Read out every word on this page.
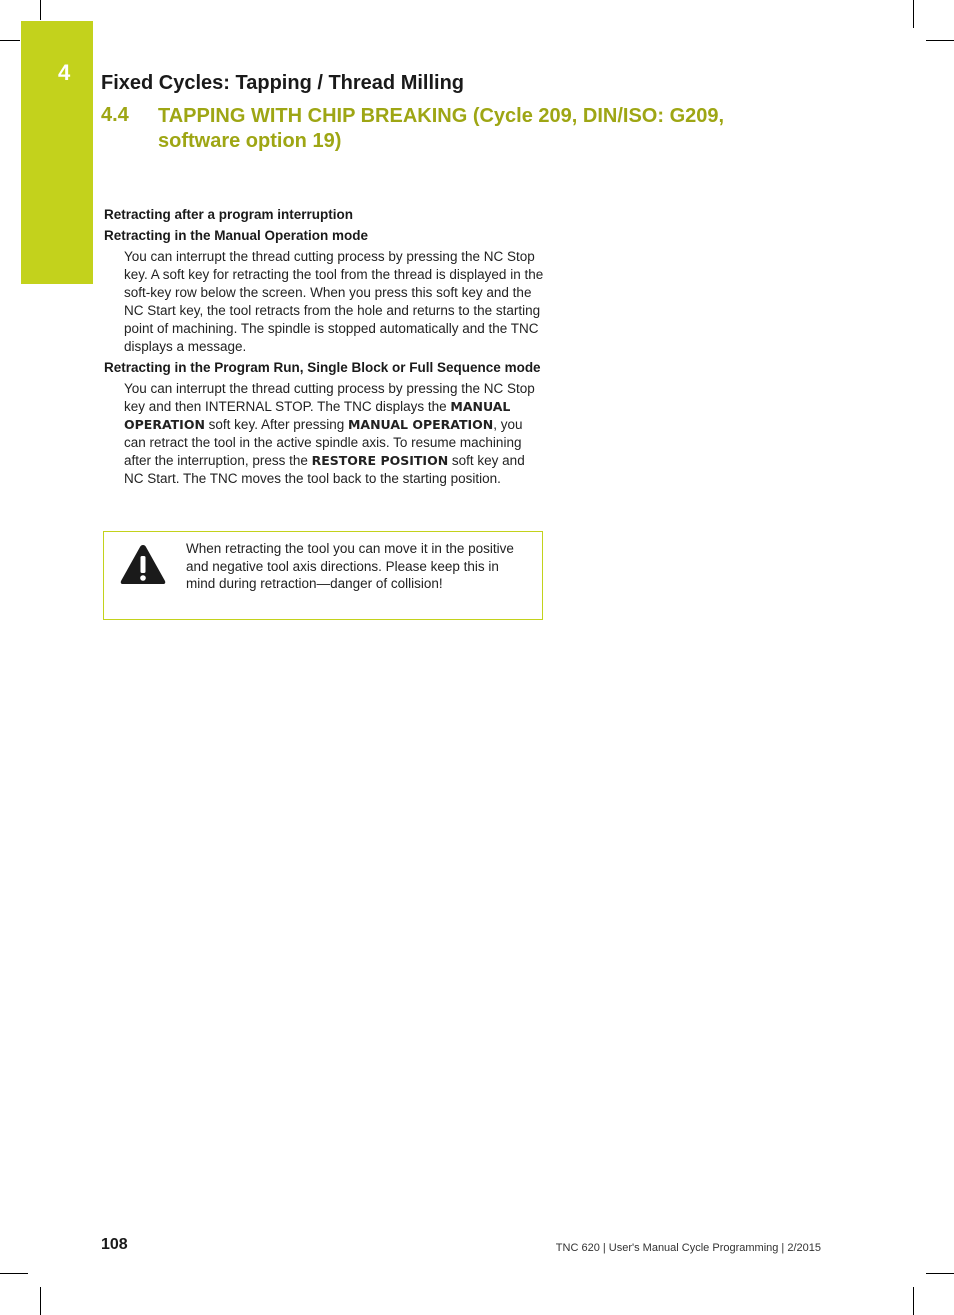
4 Fixed Cycles: Tapping / Thread Milling
4.4 TAPPING WITH CHIP BREAKING (Cycle 209, DIN/ISO: G209, software option 19)

Retracting after a program interruption

Retracting in the Manual Operation mode

You can interrupt the thread cutting process by pressing the NC Stop key. A soft key for retracting the tool from the thread is displayed in the soft-key row below the screen. When you press this soft key and the NC Start key, the tool retracts from the hole and returns to the starting point of machining. The spindle is stopped automatically and the TNC displays a message.

Retracting in the Program Run, Single Block or Full Sequence mode

You can interrupt the thread cutting process by pressing the NC Stop key and then INTERNAL STOP. The TNC displays the MANUAL OPERATION soft key. After pressing MANUAL OPERATION, you can retract the tool in the active spindle axis. To resume machining after the interruption, press the RESTORE POSITION soft key and NC Start. The TNC moves the tool back to the starting position.

When retracting the tool you can move it in the positive and negative tool axis directions. Please keep this in mind during retraction—danger of collision!
108	TNC 620 | User's Manual Cycle Programming | 2/2015
